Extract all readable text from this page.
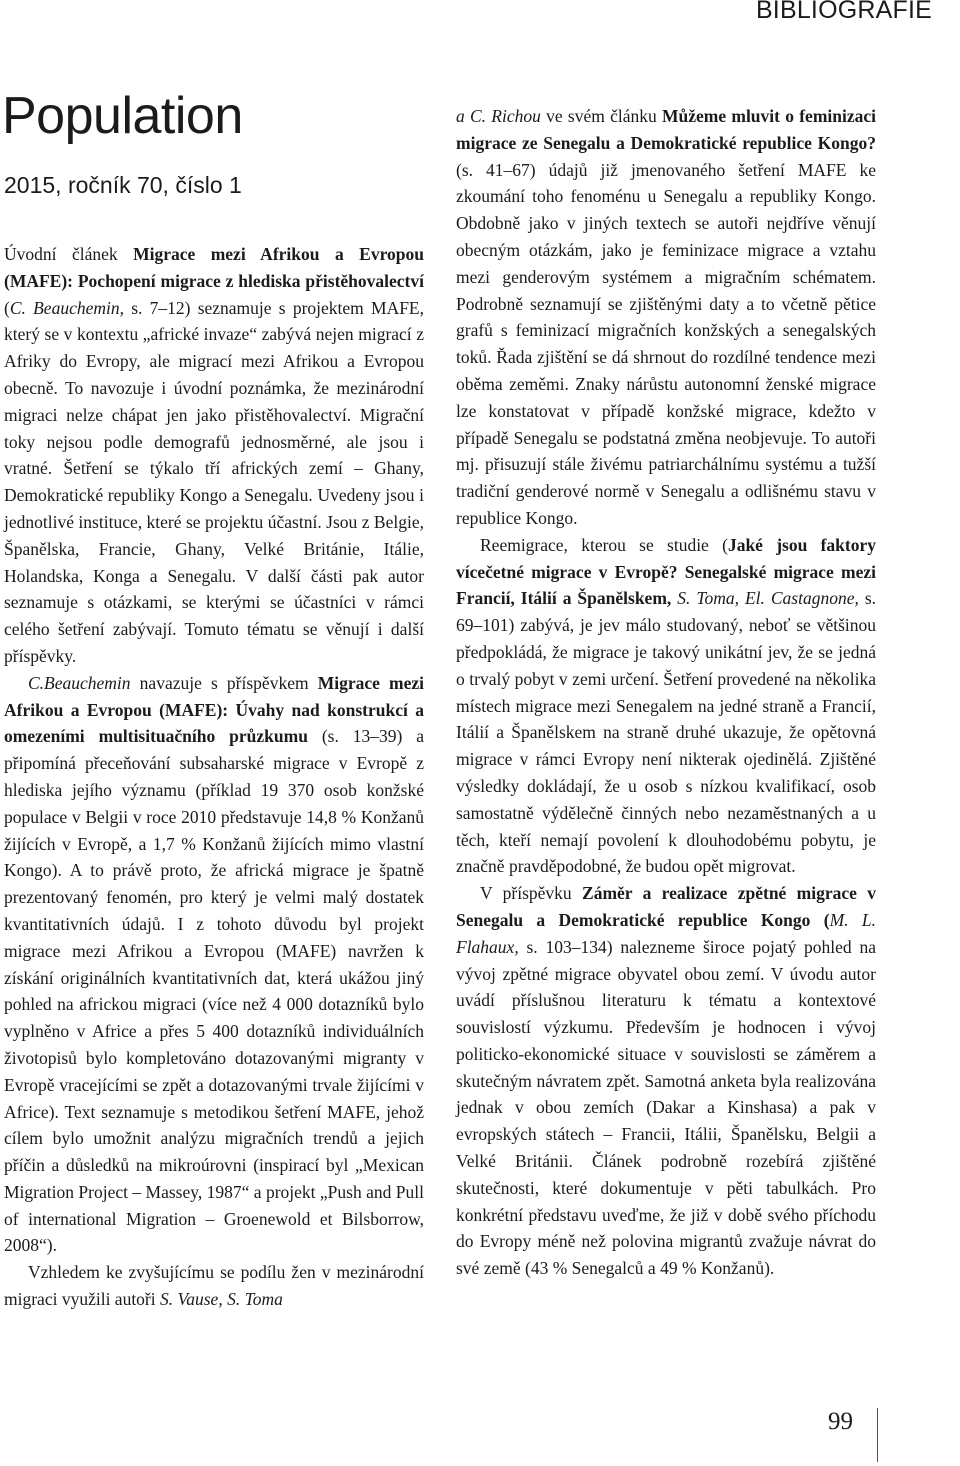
BIBLIOGRAFIE
Population
2015, ročník 70, číslo 1

Úvodní článek Migrace mezi Afrikou a Evropou (MAFE): Pochopení migrace z hlediska přistěhovalectví (C. Beauchemin, s. 7–12) seznamuje s projektem MAFE, který se v kontextu „africké invaze“ zabývá nejen migrací z Afriky do Evropy, ale migrací mezi Afrikou a Evropou obecně. To navozuje i úvodní poznámka, že mezinárodní migraci nelze chápat jen jako přistěhovalectví. Migrační toky nejsou podle demografů jednosměrné, ale jsou i vratné. Šetření se týkalo tří afrických zemí – Ghany, Demokratické republiky Kongo a Senegalu. Uvedeny jsou i jednotlivé instituce, které se projektu účastní. Jsou z Belgie, Španělska, Francie, Ghany, Velké Británie, Itálie, Holandska, Konga a Senegalu. V další části pak autor seznamuje s otázkami, se kterými se účastníci v rámci celého šetření zabývají. Tomuto tématu se věnují i další příspěvky.

C.Beauchemin navazuje s příspěvkem Migrace mezi Afrikou a Evropou (MAFE): Úvahy nad konstrukcí a omezeními multisituačního průzkumu (s. 13–39) a připomíná přeceňování subsaharské migrace v Evropě z hlediska jejího významu (příklad 19 370 osob konžské populace v Belgii v roce 2010 představuje 14,8 % Konžanů žijících v Evropě, a 1,7 % Konžanů žijících mimo vlastní Kongo). A to právě proto, že africká migrace je špatně prezentovaný fenomén, pro který je velmi malý dostatek kvantitativních údajů. I z tohoto důvodu byl projekt migrace mezi Afrikou a Evropou (MAFE) navržen k získání originálních kvantitativních dat, která ukážou jiný pohled na africkou migraci (více než 4 000 dotazníků bylo vyplněno v Africe a přes 5 400 dotazníků individuálních životopisů bylo kompletováno dotazovanými migranty v Evropě vracejícími se zpět a dotazovanými trvale žijícími v Africe). Text seznamuje s metodikou šetření MAFE, jehož cílem bylo umožnit analýzu migračních trendů a jejich příčin a důsledků na mikroúrovni (inspirací byl „Mexican Migration Project – Massey, 1987“ a projekt „Push and Pull of international Migration – Groenewold et Bilsborrow, 2008“).

Vzhledem ke zvyšujícímu se podílu žen v mezinárodní migraci využili autoři S. Vause, S. Toma

a C. Richou ve svém článku Můžeme mluvit o feminizaci migrace ze Senegalu a Demokratické republice Kongo? (s. 41–67) údajů již jmenovaného šetření MAFE ke zkoumání toho fenoménu u Senegalu a republiky Kongo. Obdobně jako v jiných textech se autoři nejdříve věnují obecným otázkám, jako je feminizace migrace a vztahu mezi genderovým systémem a migračním schématem. Podrobně seznamují se zjištěnými daty a to včetně pětice grafů s feminizací migračních konžských a senegalských toků. Řada zjištění se dá shrnout do rozdílné tendence mezi oběma zeměmi. Znaky nárůstu autonomní ženské migrace lze konstatovat v případě konžské migrace, kdežto v případě Senegalu se podstatná změna neobjevuje. To autoři mj. přisuzují stále živému patriarchálnímu systému a tužší tradiční genderové normě v Senegalu a odlišnému stavu v republice Kongo.

Reemigrace, kterou se studie (Jaké jsou faktory vícečetné migrace v Evropě? Senegalské migrace mezi Francií, Itálií a Španělskem, S. Toma, El. Castagnone, s. 69–101) zabývá, je jev málo studovaný, neboť se většinou předpokládá, že migrace je takový unikátní jev, že se jedná o trvalý pobyt v zemi určení. Šetření provedené na několika místech migrace mezi Senegalem na jedné straně a Francií, Itálií a Španělskem na straně druhé ukazuje, že opětovná migrace v rámci Evropy není nikterak ojedinělá. Zjištěné výsledky dokládají, že u osob s nízkou kvalifikací, osob samostatně výdělečně činných nebo nezaměstnaných a u těch, kteří nemají povolení k dlouhodobému pobytu, je značně pravděpodobné, že budou opět migrovat.

V příspěvku Záměr a realizace zpětné migrace v Senegalu a Demokratické republice Kongo (M. L. Flahaux, s. 103–134) nalezneme široce pojatý pohled na vývoj zpětné migrace obyvatel obou zemí. V úvodu autor uvádí příslušnou literaturu k tématu a kontextové souvislostí výzkumu. Především je hodnocen i vývoj politicko-ekonomické situace v souvislosti se záměrem a skutečným návratem zpět. Samotná anketa byla realizována jednak v obou zemích (Dakar a Kinshasa) a pak v evropských státech – Francii, Itálii, Španělsku, Belgii a Velké Británii. Článek podrobně rozebírá zjištěné skutečnosti, které dokumentuje v pěti tabulkách. Pro konkrétní představu uveďme, že již v době svého příchodu do Evropy méně než polovina migrantů zvažuje návrat do své země (43 % Senegalců a 49 % Konžanů).

99
